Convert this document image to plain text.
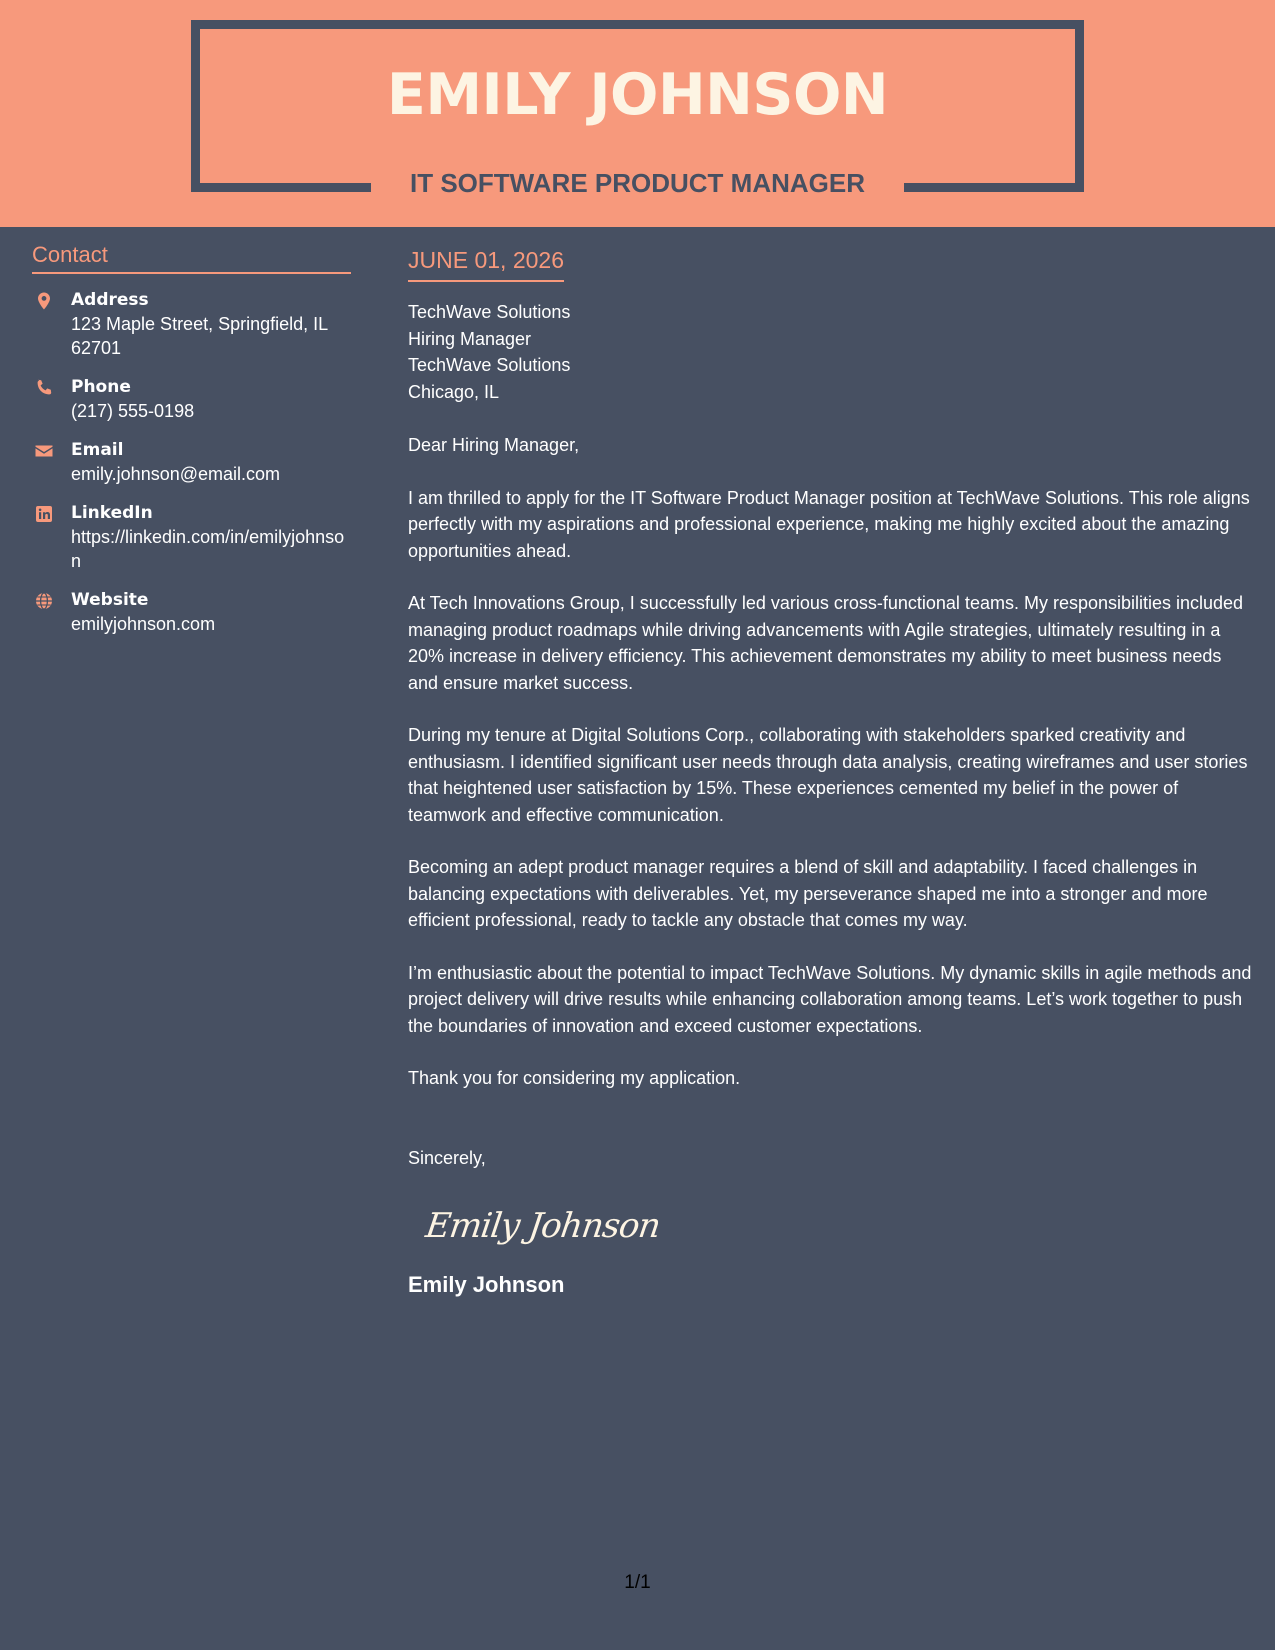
EMILY JOHNSON
IT SOFTWARE PRODUCT MANAGER
Contact
Address
123 Maple Street, Springfield, IL 62701
Phone
(217) 555-0198
Email
emily.johnson@email.com
LinkedIn
https://linkedin.com/in/emilyjohnson
Website
emilyjohnson.com
JUNE 01, 2026
TechWave Solutions
Hiring Manager
TechWave Solutions
Chicago, IL
Dear Hiring Manager,
I am thrilled to apply for the IT Software Product Manager position at TechWave Solutions. This role aligns perfectly with my aspirations and professional experience, making me highly excited about the amazing opportunities ahead.
At Tech Innovations Group, I successfully led various cross-functional teams. My responsibilities included managing product roadmaps while driving advancements with Agile strategies, ultimately resulting in a 20% increase in delivery efficiency. This achievement demonstrates my ability to meet business needs and ensure market success.
During my tenure at Digital Solutions Corp., collaborating with stakeholders sparked creativity and enthusiasm. I identified significant user needs through data analysis, creating wireframes and user stories that heightened user satisfaction by 15%. These experiences cemented my belief in the power of teamwork and effective communication.
Becoming an adept product manager requires a blend of skill and adaptability. I faced challenges in balancing expectations with deliverables. Yet, my perseverance shaped me into a stronger and more efficient professional, ready to tackle any obstacle that comes my way.
I’m enthusiastic about the potential to impact TechWave Solutions. My dynamic skills in agile methods and project delivery will drive results while enhancing collaboration among teams. Let’s work together to push the boundaries of innovation and exceed customer expectations.
Thank you for considering my application.
Sincerely,
Emily Johnson
Emily Johnson
1/1
